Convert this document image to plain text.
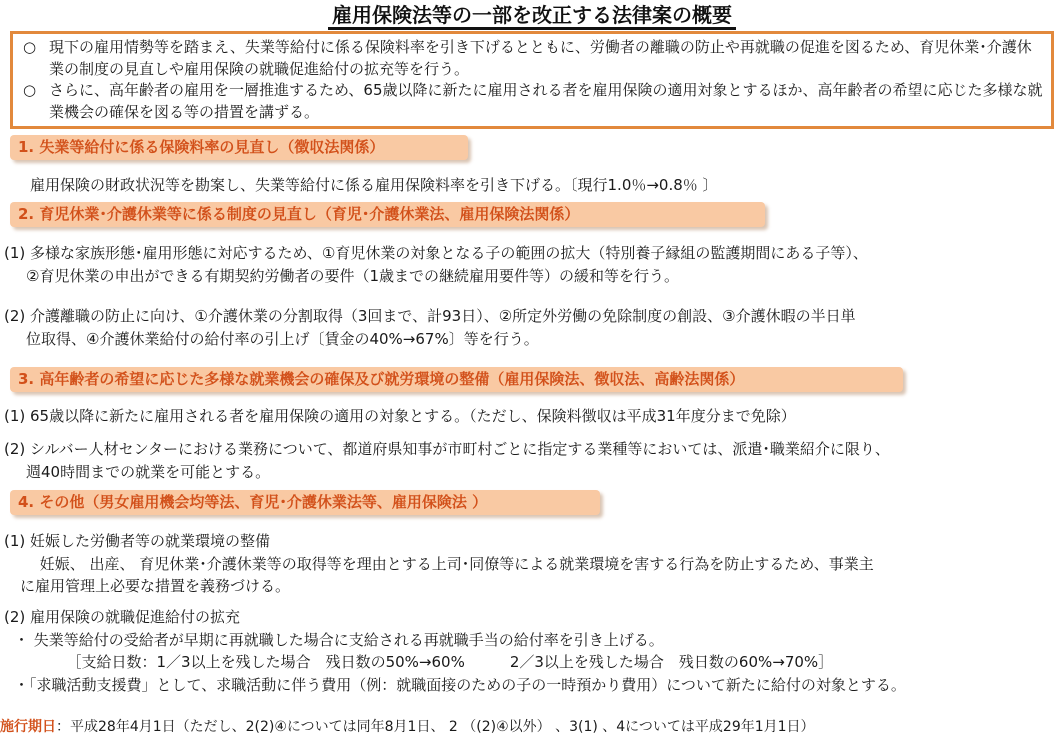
雇用保険法等の一部を改正する法律案の概要
○ 現下の雇用情勢等を踏まえ、失業等給付に係る保険料率を引き下げるとともに、労働者の離職の防止や再就職の促進を図るため、育児休業･介護休業の制度の見直しや雇用保険の就職促進給付の拡充等を行う。
○ さらに、高年齢者の雇用を一層推進するため、65歳以降に新たに雇用される者を雇用保険の適用対象とするほか、高年齢者の希望に応じた多様な就業機会の確保を図る等の措置を講ずる。
1. 失業等給付に係る保険料率の見直し（徴収法関係）
雇用保険の財政状況等を勘案し、失業等給付に係る雇用保険料率を引き下げる。〔現行1.0％→0.8％ 〕
2. 育児休業･介護休業等に係る制度の見直し（育児･介護休業法、雇用保険法関係）
(1) 多様な家族形態･雇用形態に対応するため、①育児休業の対象となる子の範囲の拡大（特別養子縁組の監護期間にある子等）、
②育児休業の申出ができる有期契約労働者の要件（1歳までの継続雇用要件等）の緩和等を行う。
(2) 介護離職の防止に向け、①介護休業の分割取得（3回まで、計93日）、②所定外労働の免除制度の創設、③介護休暇の半日単
位取得、④介護休業給付の給付率の引上げ〔賃金の40%→67%〕等を行う。
3. 高年齢者の希望に応じた多様な就業機会の確保及び就労環境の整備（雇用保険法、徴収法、高齢法関係）
(1) 65歳以降に新たに雇用される者を雇用保険の適用の対象とする。（ただし、保険料徴収は平成31年度分まで免除）
(2) シルバー人材センターにおける業務について、都道府県知事が市町村ごとに指定する業種等においては、派遣･職業紹介に限り、
週40時間までの就業を可能とする。
4. その他（男女雇用機会均等法、育児･介護休業法等、雇用保険法 ）
(1) 妊娠した労働者等の就業環境の整備
　 妊娠、 出産、 育児休業･介護休業等の取得等を理由とする上司･同僚等による就業環境を害する行為を防止するため、事業主
に雇用管理上必要な措置を義務づける。
(2) 雇用保険の就職促進給付の拡充
・ 失業等給付の受給者が早期に再就職した場合に支給される再就職手当の給付率を引き上げる。
　　　　［支給日数：1／3以上を残した場合　残日数の50%→60%　　　2／3以上を残した場合　残日数の60%→70%］
・「求職活動支援費」として、求職活動に伴う費用（例：就職面接のための子の一時預かり費用）について新たに給付の対象とする。
施行期日：平成28年4月1日（ただし、2(2)④については同年8月1日、 2 （(2)④以外） 、3(1) 、4については平成29年1月1日）
